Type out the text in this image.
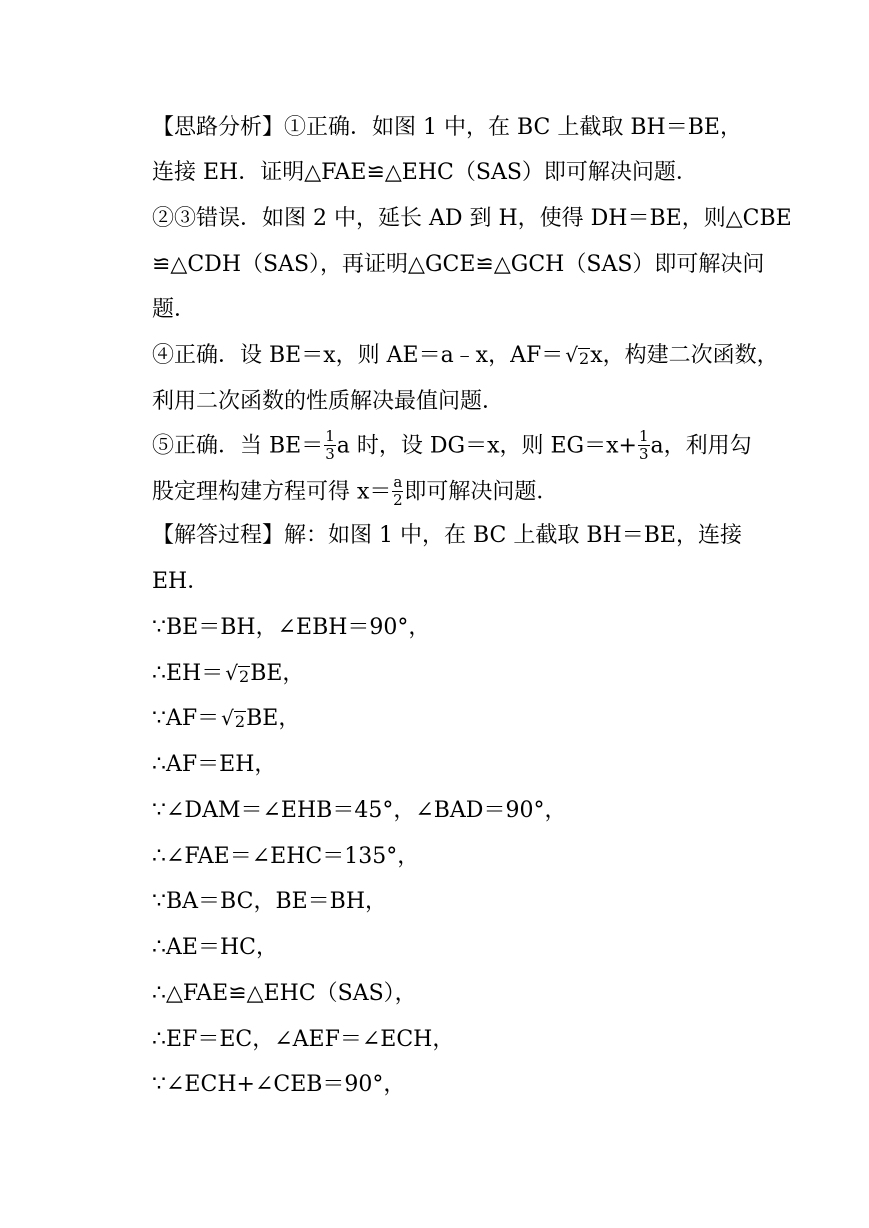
【思路分析】①正确．如图 1 中，在 BC 上截取 BH＝BE，
连接 EH．证明△FAE≌△EHC（SAS）即可解决问题．
②③错误．如图 2 中，延长 AD 到 H，使得 DH＝BE，则△CBE
≌△CDH（SAS），再证明△GCE≌△GCH（SAS）即可解决问
题．
④正确．设 BE＝x，则 AE＝a﹣x，AF＝ √2x，构建二次函数，
利用二次函数的性质解决最值问题．
⑤正确．当 $BE= \frac{1}{3}$ a 时，设 DG＝x，则 $EG=x+ \frac{1}{3}$ a，利用勾
股定理构建方程可得 $x= \frac{a}{2}$ 即可解决问题．
【解答过程】解：如图 1 中，在 BC 上截取 BH＝BE，连接
EH．
∵BE＝BH，∠EBH＝90°，
∴EH＝ √2BE，
∵AF＝ √2BE，
∴AF＝EH，
∵∠DAM＝∠EHB＝45°，∠BAD＝90°，
∴∠FAE＝∠EHC＝135°，
∵BA＝BC，BE＝BH，
∴AE＝HC，
∴△FAE≌△EHC（SAS），
∴EF＝EC，∠AEF＝∠ECH，
∵∠ECH+∠CEB＝90°，
